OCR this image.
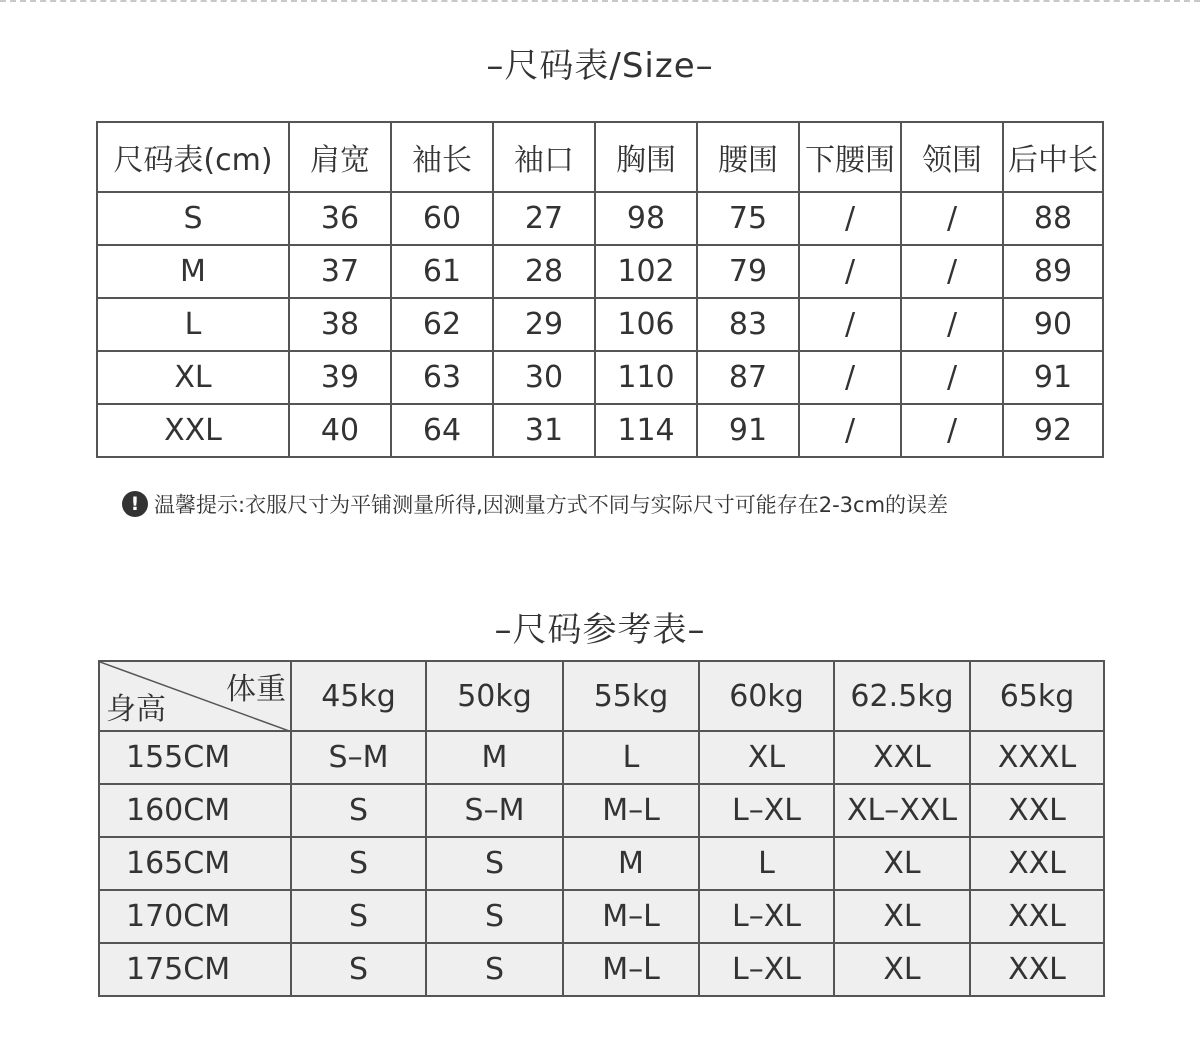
–尺码表/Size–
尺码表(cm)	肩宽	袖长	袖口	胸围	腰围	下腰围	领围	后中长
S	36	60	27	98	75	/	/	88
M	37	61	28	102	79	/	/	89
L	38	62	29	106	83	/	/	90
XL	39	63	30	110	87	/	/	91
XXL	40	64	31	114	91	/	/	92
! 温馨提示:衣服尺寸为平铺测量所得,因测量方式不同与实际尺寸可能存在2-3cm的误差
–尺码参考表–
体重
身高	45kg	50kg	55kg	60kg	62.5kg	65kg
155CM	S–M	M	L	XL	XXL	XXXL
160CM	S	S–M	M–L	L–XL	XL–XXL	XXL
165CM	S	S	M	L	XL	XXL
170CM	S	S	M–L	L–XL	XL	XXL
175CM	S	S	M–L	L–XL	XL	XXL
